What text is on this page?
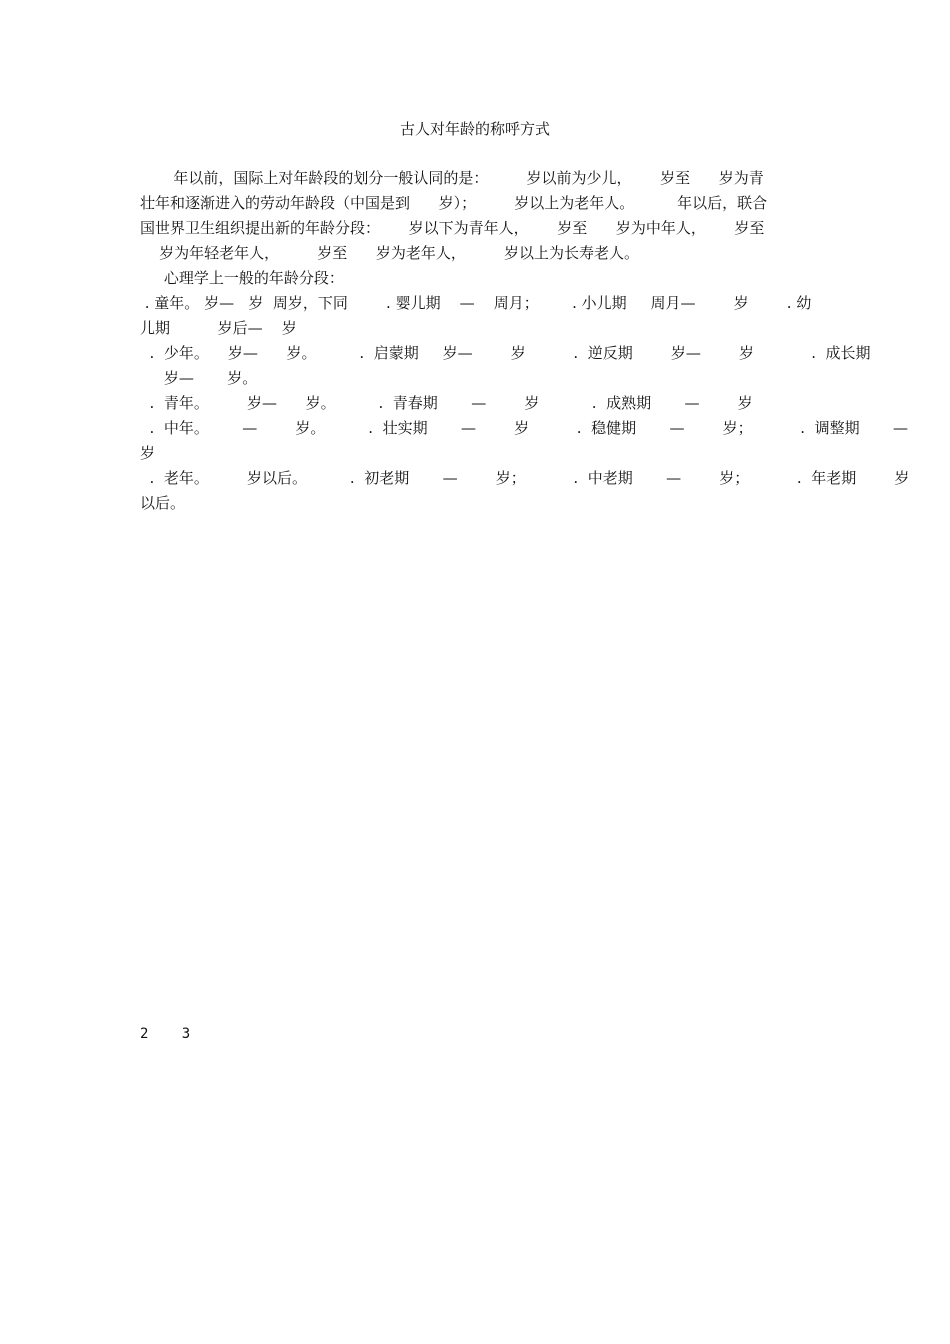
古人对年龄的称呼方式
年以前，国际上对年龄段的划分一般认同的是：        岁以前为少儿，      岁至      岁为青
壮年和逐渐进入的劳动年龄段（中国是到      岁）；        岁以上为老年人。         年以后，联合
国世界卫生组织提出新的年龄分段：      岁以下为青年人，      岁至      岁为中年人，      岁至
岁为年轻老年人，        岁至      岁为老年人，        岁以上为长寿老人。
心理学上一般的年龄分段：
. 童年。 岁—   岁  周岁，下同        . 婴儿期    —    周月；       . 小儿期     周月—        岁        . 幼
儿期          岁后—    岁
.  少年。    岁—      岁。         .  启蒙期     岁—        岁          .  逆反期        岁—        岁            .  成长期
岁—       岁。
.  青年。        岁—      岁。         .  青春期       —        岁           .  成熟期       —        岁
.  中年。       —        岁。         .  壮实期       —        岁          .  稳健期       —        岁；          .  调整期       —
岁
.  老年。        岁以后。         .  初老期       —        岁；          .  中老期       —        岁；          .  年老期        岁
以后。

2   3
